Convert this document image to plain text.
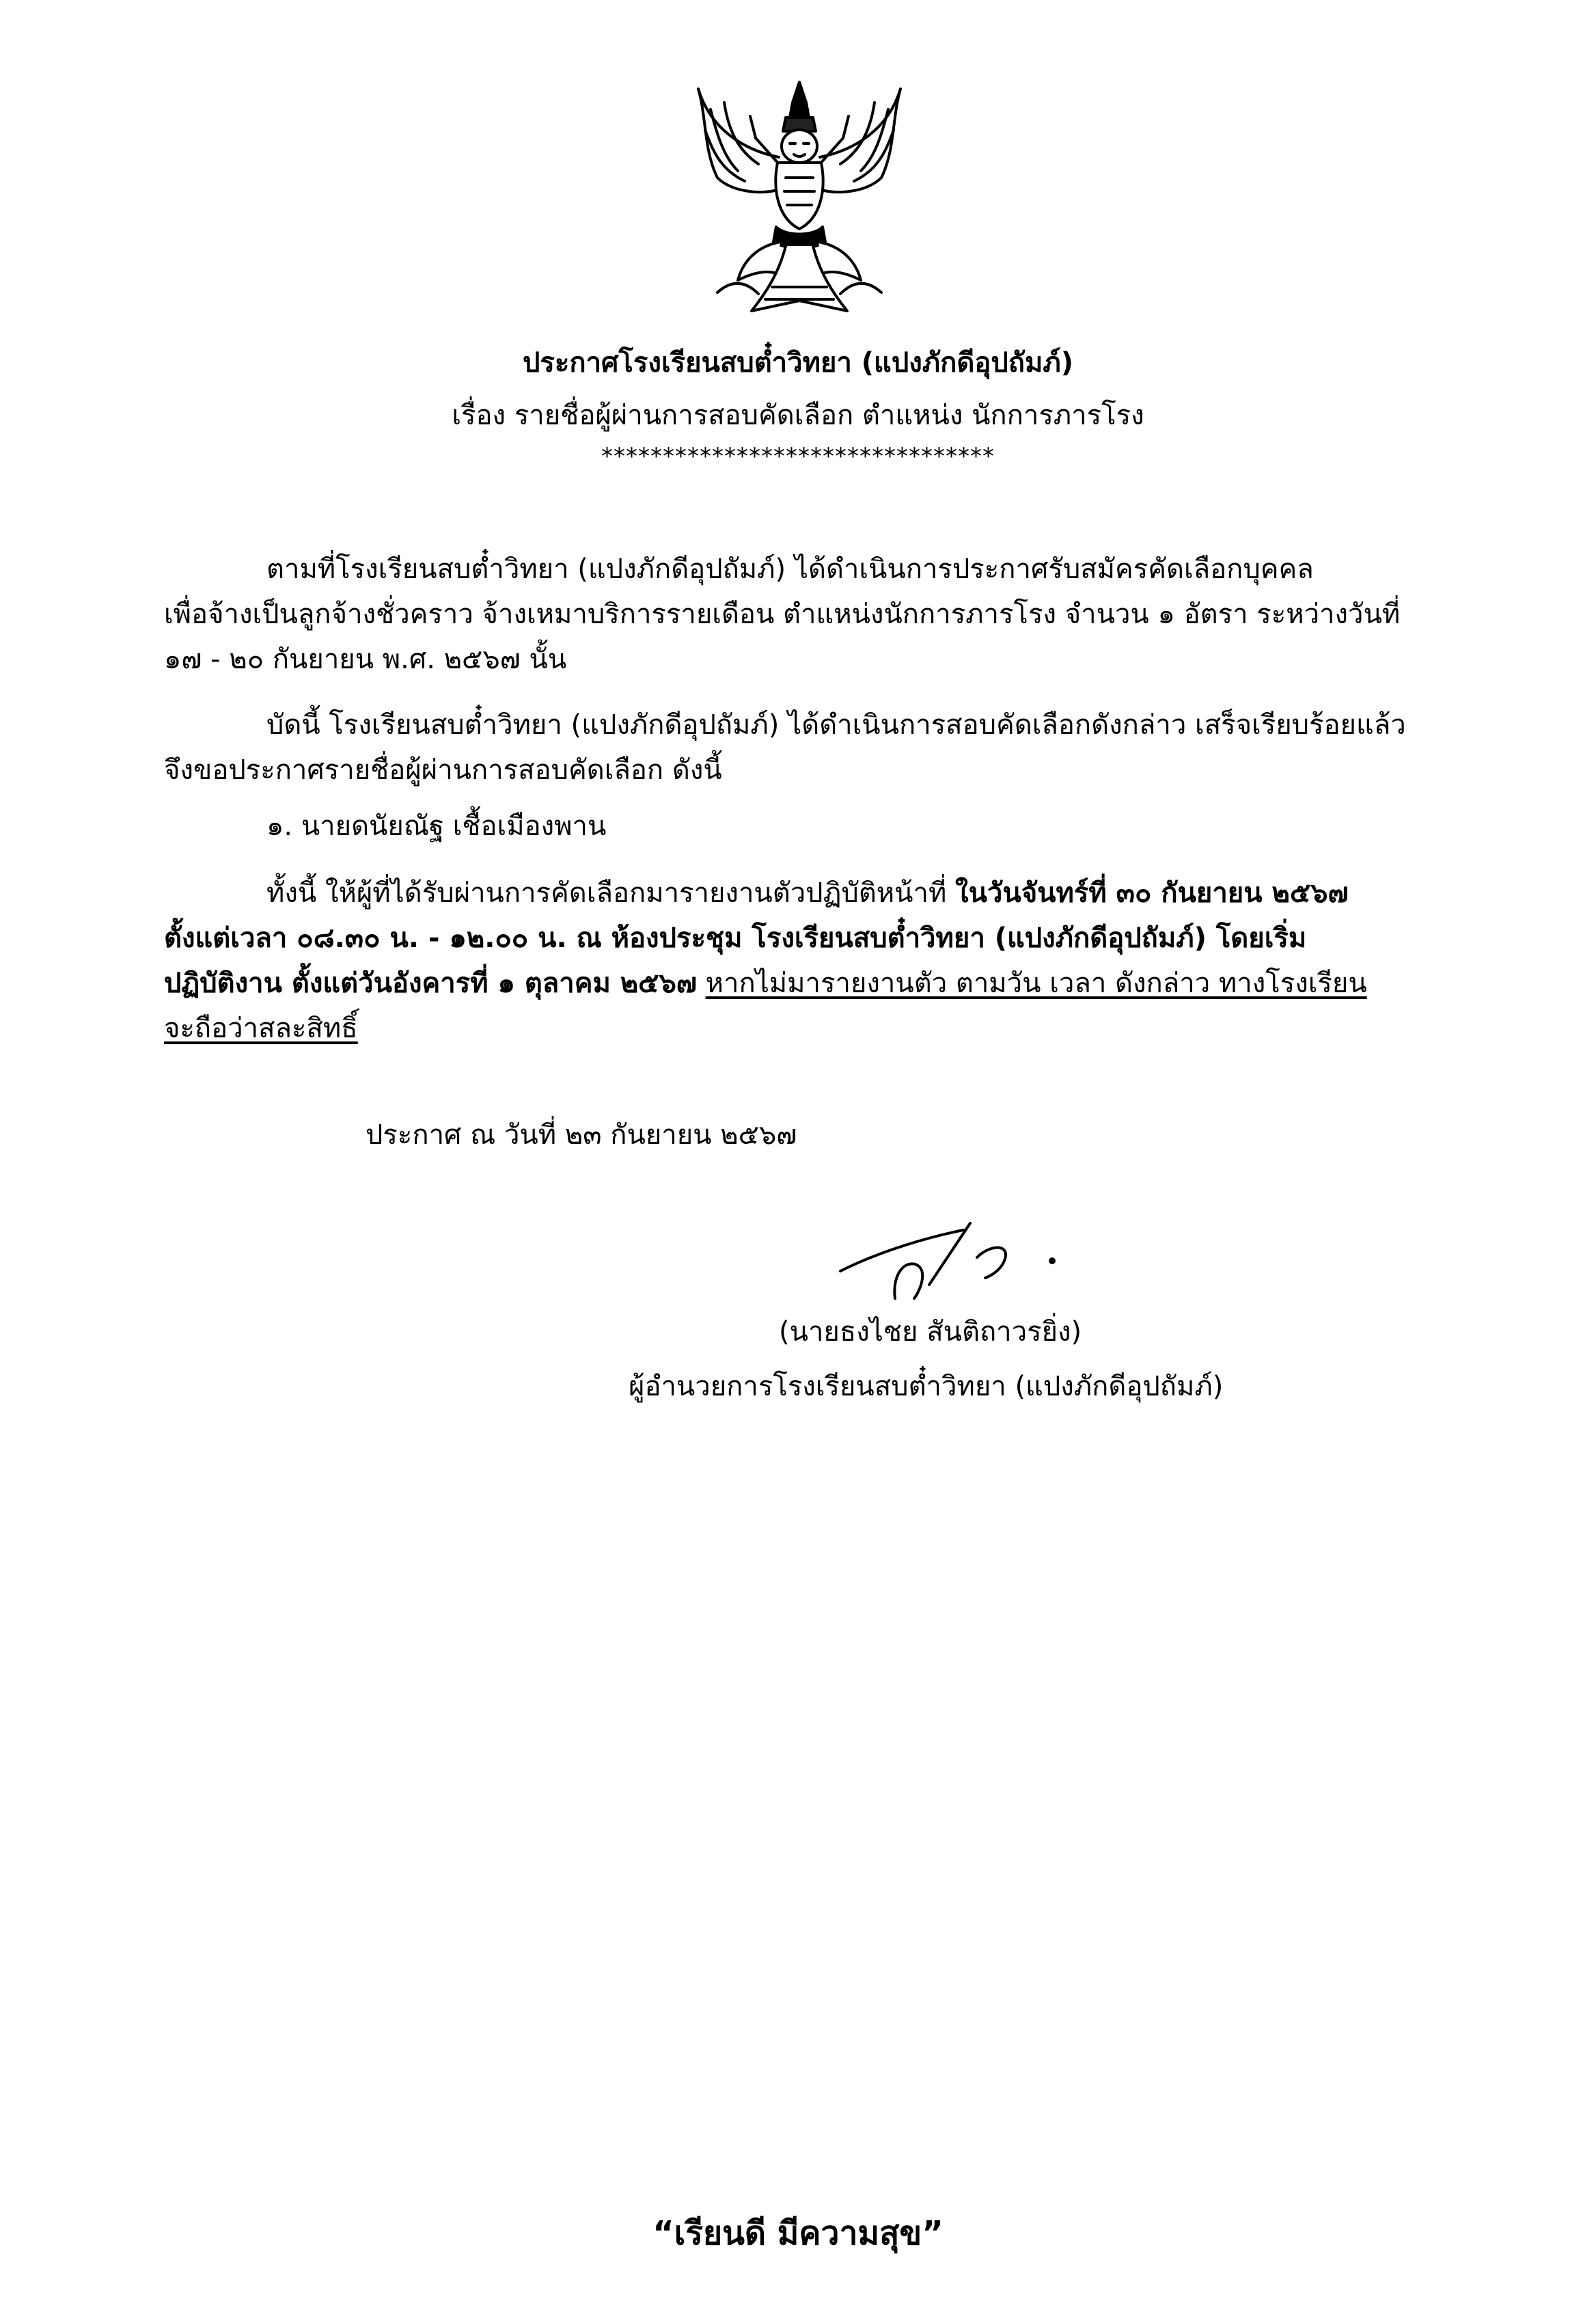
ประกาศโรงเรียนสบต๋ำวิทยา (แปงภักดีอุปถัมภ์)
เรื่อง รายชื่อผู้ผ่านการสอบคัดเลือก ตำแหน่ง นักการภารโรง
********************************
ตามที่โรงเรียนสบต๋ำวิทยา (แปงภักดีอุปถัมภ์) ได้ดำเนินการประกาศรับสมัครคัดเลือกบุคคล
เพื่อจ้างเป็นลูกจ้างชั่วคราว จ้างเหมาบริการรายเดือน ตำแหน่งนักการภารโรง จำนวน ๑ อัตรา ระหว่างวันที่
๑๗ - ๒๐ กันยายน พ.ศ. ๒๕๖๗ นั้น
บัดนี้ โรงเรียนสบต๋ำวิทยา (แปงภักดีอุปถัมภ์) ได้ดำเนินการสอบคัดเลือกดังกล่าว เสร็จเรียบร้อยแล้ว
จึงขอประกาศรายชื่อผู้ผ่านการสอบคัดเลือก ดังนี้
๑. นายดนัยณัฐ เชื้อเมืองพาน
ทั้งนี้ ให้ผู้ที่ได้รับผ่านการคัดเลือกมารายงานตัวปฏิบัติหน้าที่ ในวันจันทร์ที่ ๓๐ กันยายน ๒๕๖๗
ตั้งแต่เวลา ๐๘.๓๐ น. - ๑๒.๐๐ น. ณ ห้องประชุม โรงเรียนสบต๋ำวิทยา (แปงภักดีอุปถัมภ์) โดยเริ่ม
ปฏิบัติงาน ตั้งแต่วันอังคารที่ ๑ ตุลาคม ๒๕๖๗ หากไม่มารายงานตัว ตามวัน เวลา ดังกล่าว ทางโรงเรียน
จะถือว่าสละสิทธิ์
ประกาศ ณ วันที่ ๒๓ กันยายน ๒๕๖๗
(นายธงไชย สันติถาวรยิ่ง)
ผู้อำนวยการโรงเรียนสบต๋ำวิทยา (แปงภักดีอุปถัมภ์)
“เรียนดี มีความสุข”
